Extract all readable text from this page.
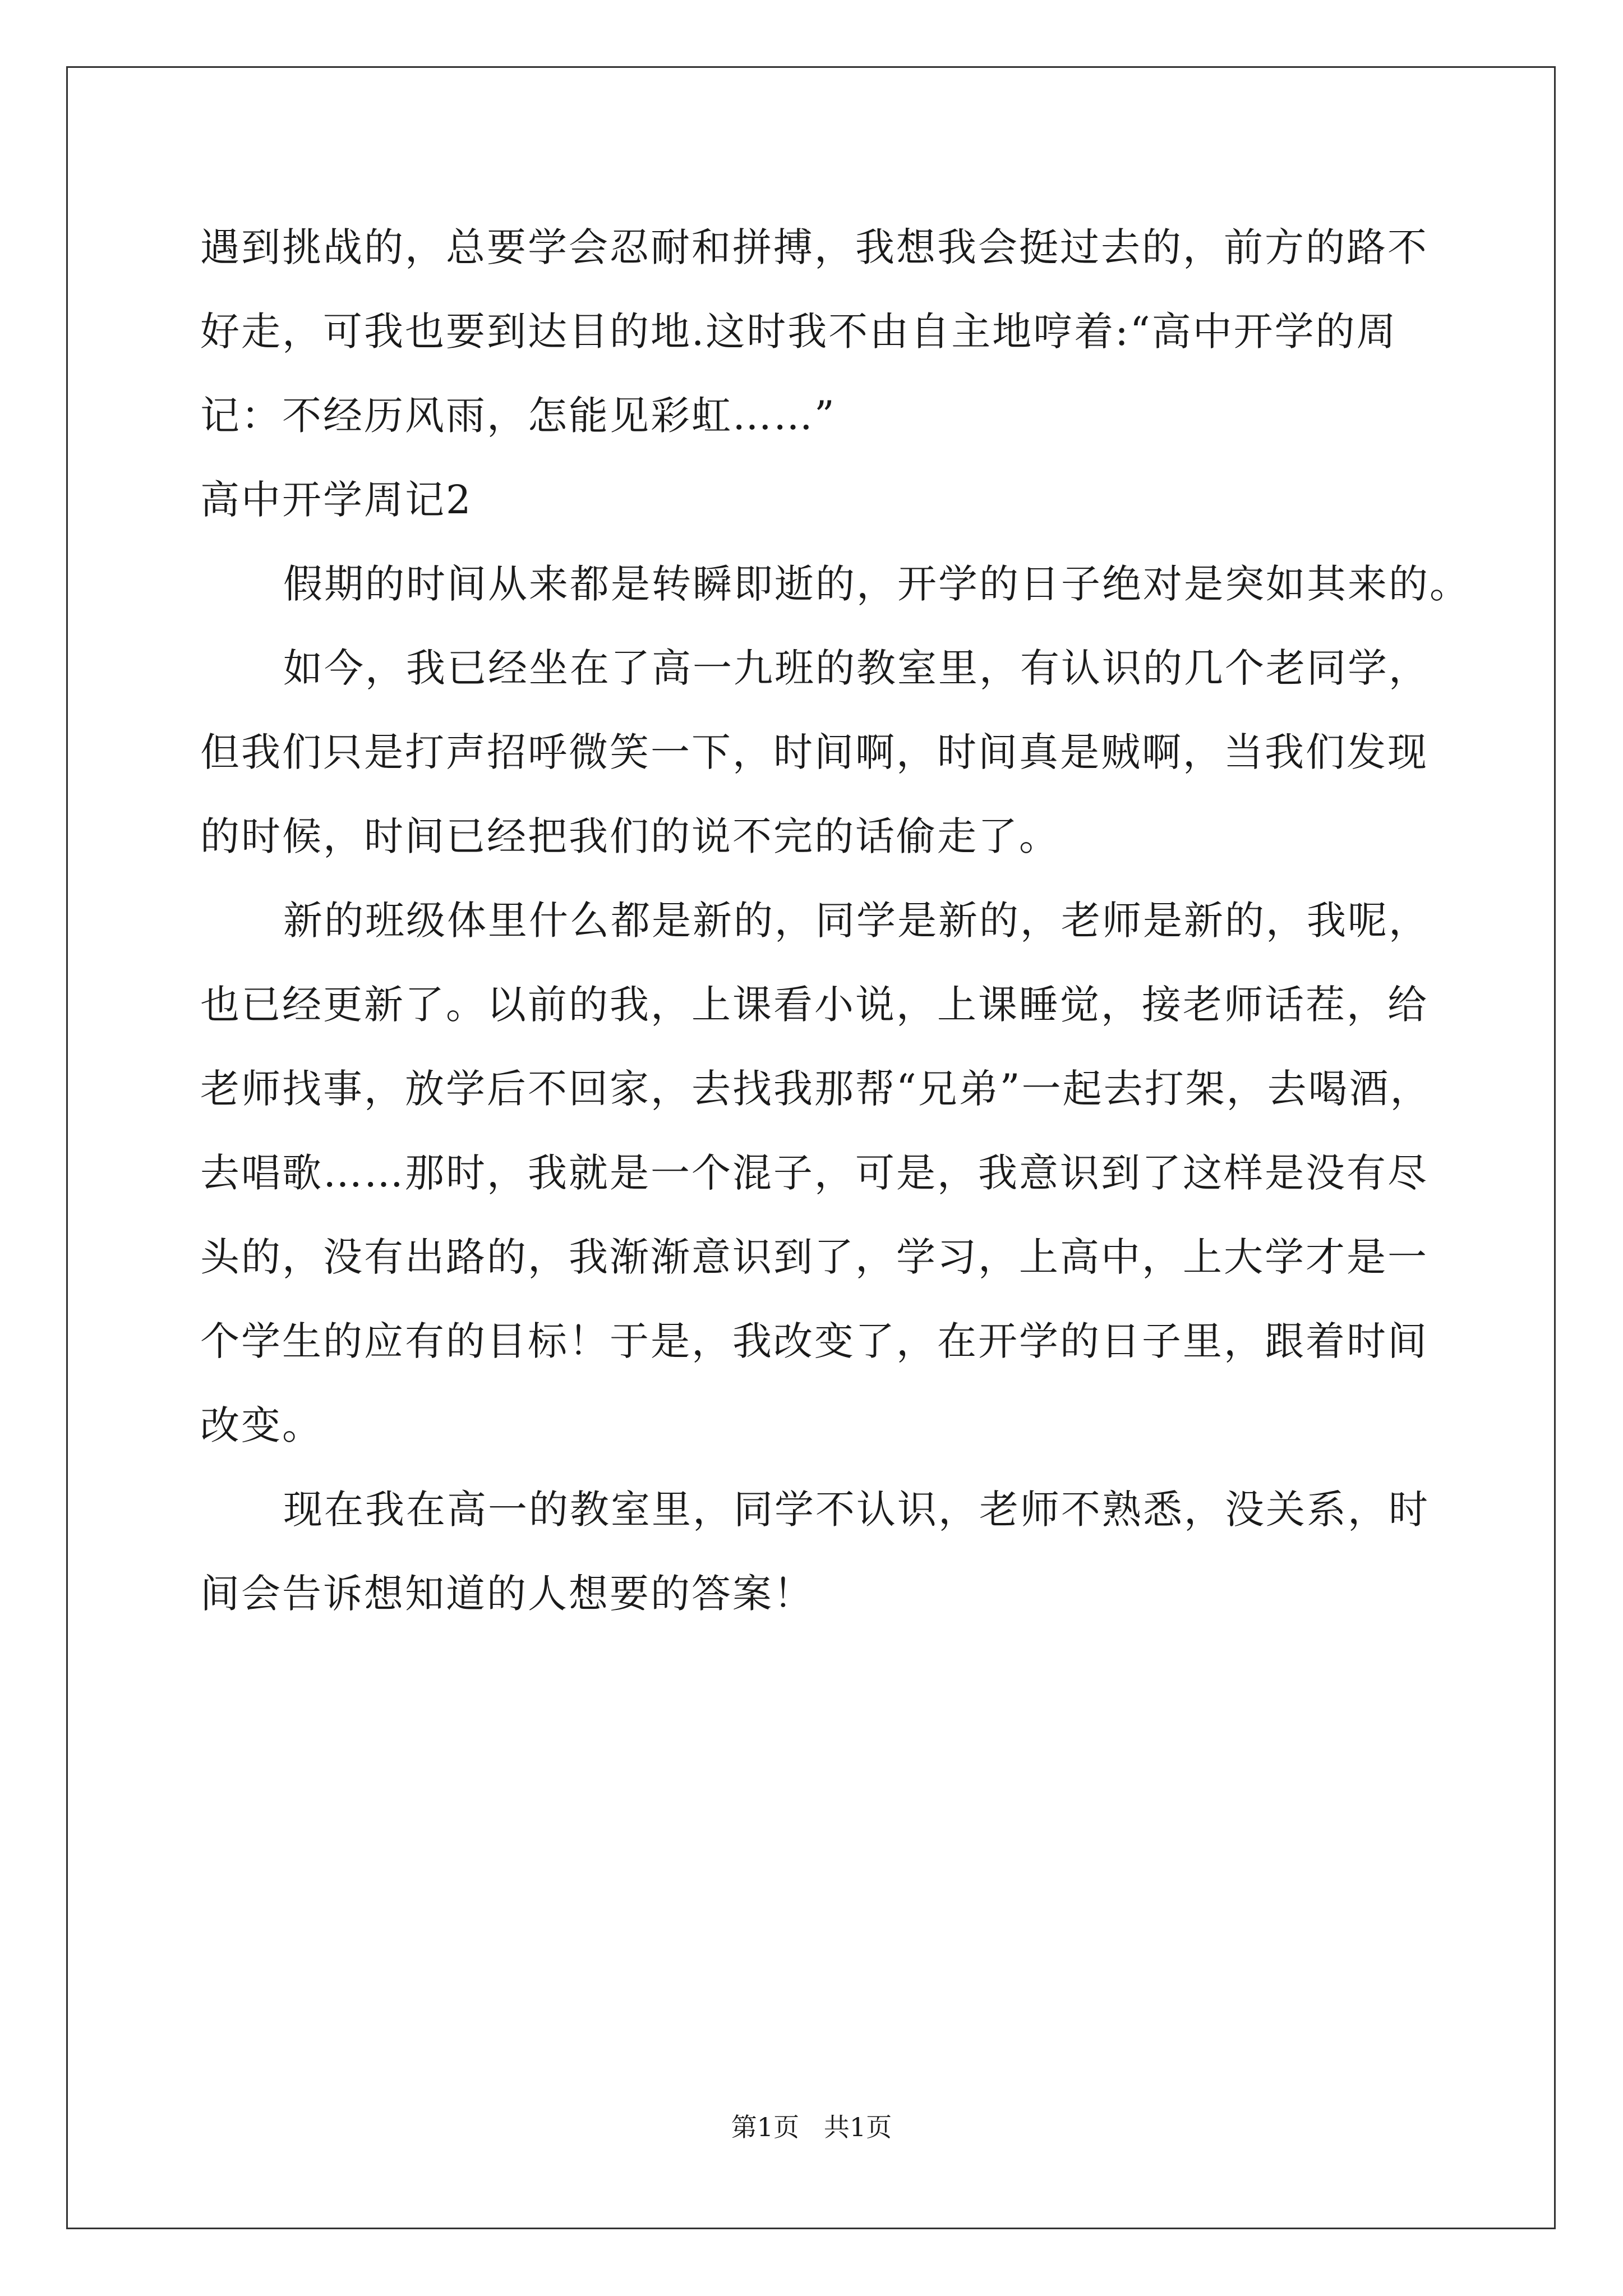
遇到挑战的，总要学会忍耐和拼搏，我想我会挺过去的，前方的路不
好走，可我也要到达目的地.这时我不由自主地哼着:“高中开学的周
记：不经历风雨，怎能见彩虹……”
高中开学周记2
假期的时间从来都是转瞬即逝的，开学的日子绝对是突如其来的。
如今，我已经坐在了高一九班的教室里，有认识的几个老同学，
但我们只是打声招呼微笑一下，时间啊，时间真是贼啊，当我们发现
的时候，时间已经把我们的说不完的话偷走了。
新的班级体里什么都是新的，同学是新的，老师是新的，我呢，
也已经更新了。以前的我，上课看小说，上课睡觉，接老师话茬，给
老师找事，放学后不回家，去找我那帮“兄弟”一起去打架，去喝酒，
去唱歌……那时，我就是一个混子，可是，我意识到了这样是没有尽
头的，没有出路的，我渐渐意识到了，学习，上高中，上大学才是一
个学生的应有的目标！于是，我改变了，在开学的日子里，跟着时间
改变。
现在我在高一的教室里，同学不认识，老师不熟悉，没关系，时
间会告诉想知道的人想要的答案！
第1页   共1页
